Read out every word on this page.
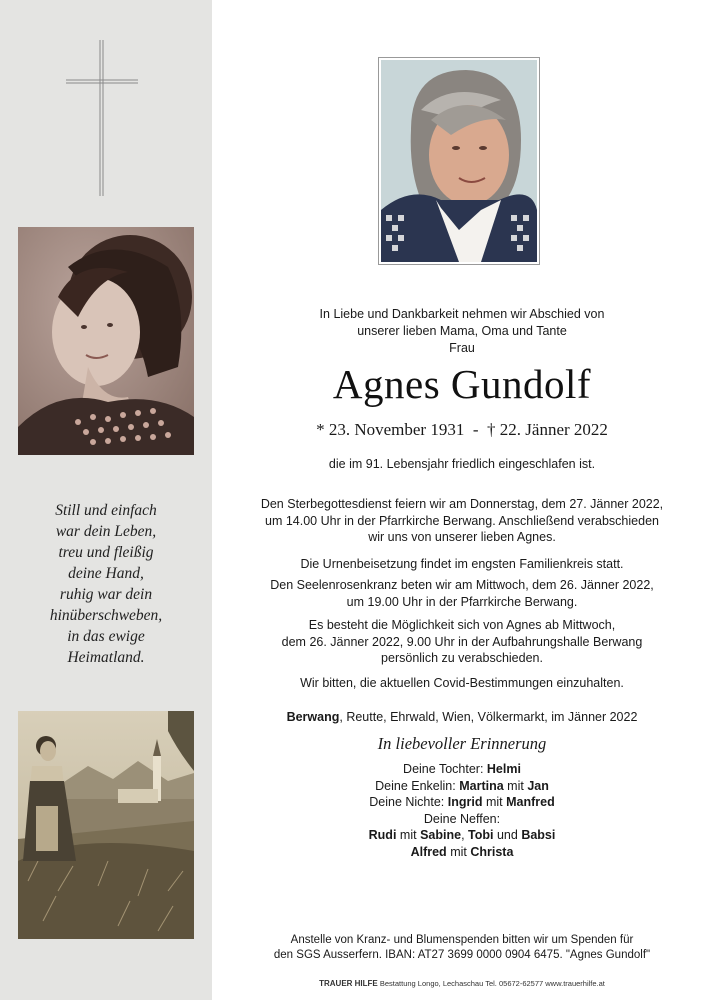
Still und einfach
war dein Leben,
treu und fleißig
deine Hand,
ruhig war dein
hinüberschweben,
in das ewige
Heimatland.
In Liebe und Dankbarkeit nehmen wir Abschied von
unserer lieben Mama, Oma und Tante
Frau
Agnes Gundolf
* 23. November 1931 - † 22. Jänner 2022
die im 91. Lebensjahr friedlich eingeschlafen ist.
Den Sterbegottesdienst feiern wir am Donnerstag, dem 27. Jänner 2022,
um 14.00 Uhr in der Pfarrkirche Berwang. Anschließend verabschieden
wir uns von unserer lieben Agnes.
Die Urnenbeisetzung findet im engsten Familienkreis statt.
Den Seelenrosenkranz beten wir am Mittwoch, dem 26. Jänner 2022,
um 19.00 Uhr in der Pfarrkirche Berwang.
Es besteht die Möglichkeit sich von Agnes ab Mittwoch,
dem 26. Jänner 2022, 9.00 Uhr in der Aufbahrungshalle Berwang
persönlich zu verabschieden.
Wir bitten, die aktuellen Covid-Bestimmungen einzuhalten.
Berwang, Reutte, Ehrwald, Wien, Völkermarkt, im Jänner 2022
In liebevoller Erinnerung
Deine Tochter: Helmi
Deine Enkelin: Martina mit Jan
Deine Nichte: Ingrid mit Manfred
Deine Neffen:
Rudi mit Sabine, Tobi und Babsi
Alfred mit Christa
Anstelle von Kranz- und Blumenspenden bitten wir um Spenden für
den SGS Ausserfern. IBAN: AT27 3699 0000 0904 6475. "Agnes Gundolf"
TRAUER HILFE Bestattung Longo, Lechaschau Tel. 05672-62577 www.trauerhilfe.at
